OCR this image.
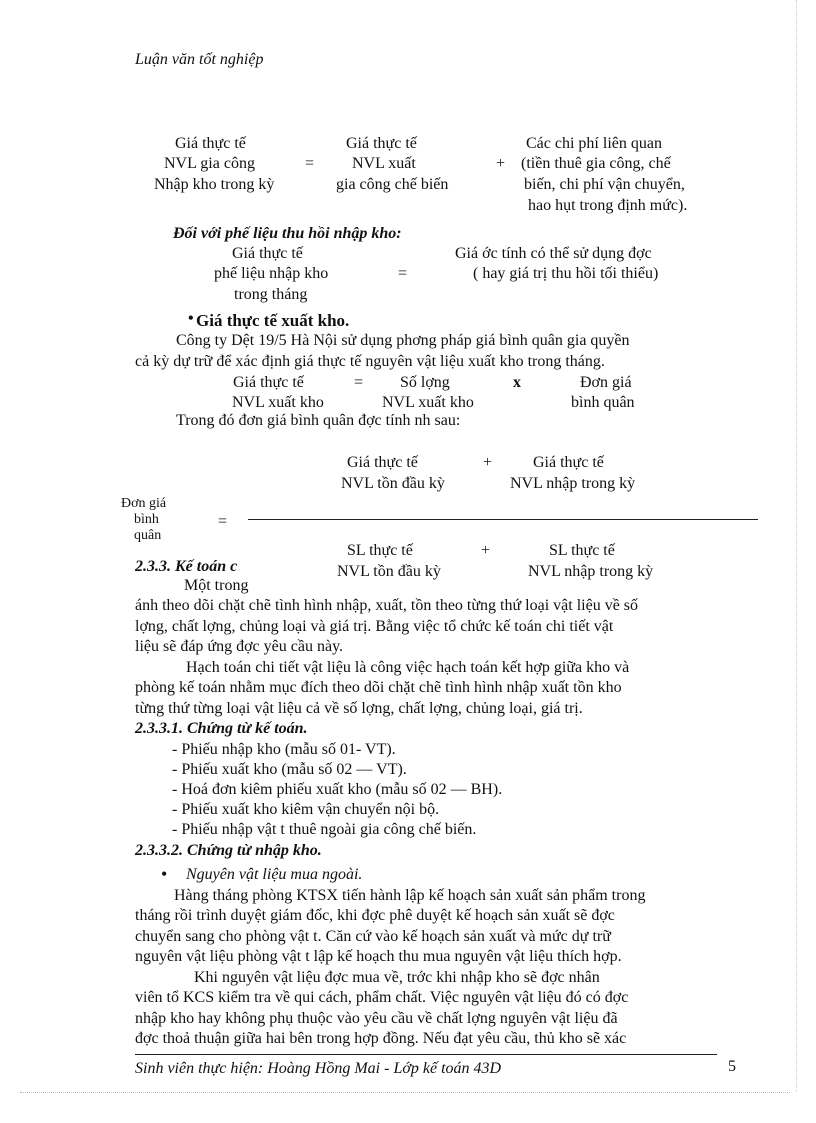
Luận văn tốt nghiệp
Giá thực tế
NVL gia công
Nhập kho trong kỳ
=
Giá thực tế
NVL xuất
gia công chế biến
+
Các chi phí liên quan
(tiền thuê gia công, chế
biến, chi phí vận chuyển,
hao hụt trong định mức).
Đối với phế liệu thu hồi nhập kho:
Giá thực tế
phế liệu nhập kho
trong tháng
=
Giá ớc tính có thể sử dụng đợc
( hay giá trị thu hồi tối thiểu)
• Giá thực tế xuất kho.
Công ty Dệt 19/5 Hà Nội sử dụng phơng pháp giá bình quân gia quyền
cả kỳ dự trữ để xác định giá thực tế nguyên vật liệu xuất kho trong tháng.
Giá thực tế
NVL xuất kho
= Số lợng
NVL xuất kho
x	Đơn giá
bình quân
Trong đó đơn giá bình quân đợc tính nh sau:
Giá thực tế
NVL tồn đầu kỳ
+	Giá thực tế
NVL nhập trong kỳ
Đơn giá
bình
quân
=
SL thực tế
NVL tồn đầu kỳ
+	SL thực tế
NVL nhập trong kỳ
2.3.3. Kế toán c
Một trong
ánh theo dõi chặt chẽ tình hình nhập, xuất, tồn theo từng thứ loại vật liệu về số
lợng, chất lợng, chủng loại và giá trị. Bằng việc tổ chức kế toán chi tiết vật
liệu sẽ đáp ứng đợc yêu cầu này.
Hạch toán chi tiết vật liệu là công việc hạch toán kết hợp giữa kho và
phòng kế toán nhằm mục đích theo dõi chặt chẽ tình hình nhập xuất tồn kho
từng thứ từng loại vật liệu cả về số lợng, chất lợng, chủng loại, giá trị.
2.3.3.1. Chứng từ kế toán.
- Phiếu nhập kho (mẫu số 01- VT).
- Phiếu xuất kho (mẫu số 02 — VT).
- Hoá đơn kiêm phiếu xuất kho (mẫu số 02 — BH).
- Phiếu xuất kho kiêm vận chuyển nội bộ.
- Phiếu nhập vật t thuê ngoài gia công chế biến.
2.3.3.2. Chứng từ nhập kho.
• Nguyên vật liệu mua ngoài.
Hàng tháng phòng KTSX tiến hành lập kế hoạch sản xuất sản phẩm trong
tháng rồi trình duyệt giám đốc, khi đợc phê duyệt kế hoạch sản xuất sẽ đợc
chuyển sang cho phòng vật t. Căn cứ vào kế hoạch sản xuất và mức dự trữ
nguyên vật liệu phòng vật t lập kế hoạch thu mua nguyên vật liệu thích hợp.
Khi nguyên vật liệu đợc mua về, trớc khi nhập kho sẽ đợc nhân
viên tổ KCS kiểm tra về qui cách, phẩm chất. Việc nguyên vật liệu đó có đợc
nhập kho hay không phụ thuộc vào yêu cầu về chất lợng nguyên vật liệu đã
đợc thoả thuận giữa hai bên trong hợp đồng. Nếu đạt yêu cầu, thủ kho sẽ xác
Sinh viên thực hiện: Hoàng Hồng Mai - Lớp kế toán 43D	5
